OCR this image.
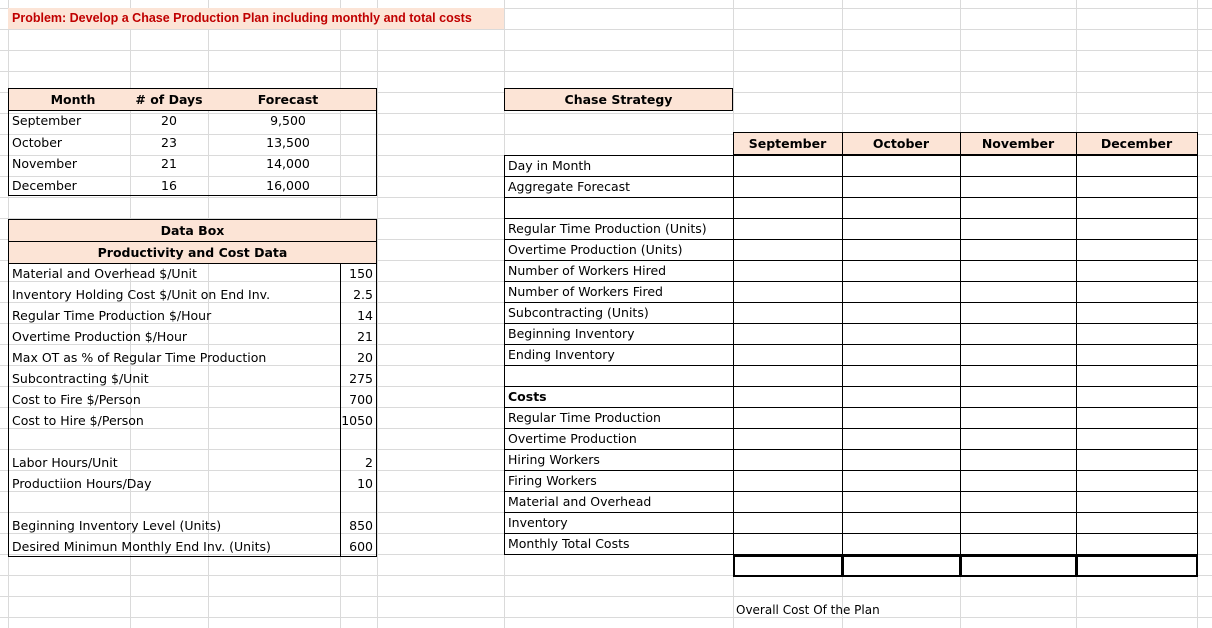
Problem: Develop a Chase Production Plan including monthly and total costs
Month	# of Days	Forecast
September	20	9,500
October	23	13,500
November	21	14,000
December	16	16,000
Data Box
Productivity and Cost Data
Material and Overhead $/Unit	150
Inventory Holding Cost $/Unit on End Inv.	2.5
Regular Time Production $/Hour	14
Overtime Production $/Hour	21
Max OT as % of Regular Time Production	20
Subcontracting $/Unit	275
Cost to Fire $/Person	700
Cost to Hire $/Person	1050
Labor Hours/Unit	2
Productiion Hours/Day	10
Beginning Inventory Level (Units)	850
Desired Minimun Monthly End Inv. (Units)	600
Chase Strategy
September	October	November	December
Day in Month
Aggregate Forecast
Regular Time Production (Units)
Overtime Production (Units)
Number of Workers Hired
Number of Workers Fired
Subcontracting (Units)
Beginning Inventory
Ending Inventory
Costs
Regular Time Production
Overtime Production
Hiring Workers
Firing Workers
Material and Overhead
Inventory
Monthly Total Costs
Overall Cost Of the Plan
